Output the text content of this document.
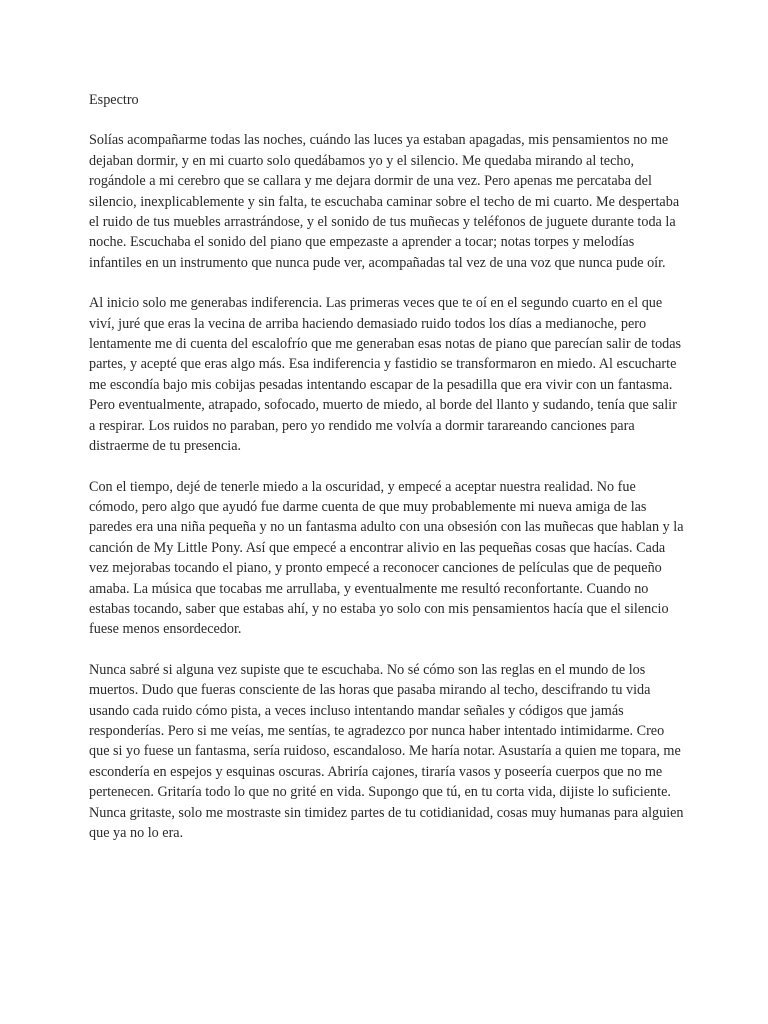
Espectro

Solías acompañarme todas las noches, cuándo las luces ya estaban apagadas, mis pensamientos no me dejaban dormir, y en mi cuarto solo quedábamos yo y el silencio. Me quedaba mirando al techo, rogándole a mi cerebro que se callara y me dejara dormir de una vez. Pero apenas me percataba del silencio, inexplicablemente y sin falta, te escuchaba caminar sobre el techo de mi cuarto. Me despertaba el ruido de tus muebles arrastrándose, y el sonido de tus muñecas y teléfonos de juguete durante toda la noche. Escuchaba el sonido del piano que empezaste a aprender a tocar; notas torpes y melodías infantiles en un instrumento que nunca pude ver, acompañadas tal vez de una voz que nunca pude oír.

Al inicio solo me generabas indiferencia. Las primeras veces que te oí en el segundo cuarto en el que viví, juré que eras la vecina de arriba haciendo demasiado ruido todos los días a medianoche, pero lentamente me di cuenta del escalofrío que me generaban esas notas de piano que parecían salir de todas partes, y acepté que eras algo más. Esa indiferencia y fastidio se transformaron en miedo. Al escucharte me escondía bajo mis cobijas pesadas intentando escapar de la pesadilla que era vivir con un fantasma. Pero eventualmente, atrapado, sofocado, muerto de miedo, al borde del llanto y sudando, tenía que salir a respirar. Los ruidos no paraban, pero yo rendido me volvía a dormir tarareando canciones para distraerme de tu presencia.

Con el tiempo, dejé de tenerle miedo a la oscuridad, y empecé a aceptar nuestra realidad. No fue cómodo, pero algo que ayudó fue darme cuenta de que muy probablemente mi nueva amiga de las paredes era una niña pequeña y no un fantasma adulto con una obsesión con las muñecas que hablan y la canción de My Little Pony. Así que empecé a encontrar alivio en las pequeñas cosas que hacías. Cada vez mejorabas tocando el piano, y pronto empecé a reconocer canciones de películas que de pequeño amaba. La música que tocabas me arrullaba, y eventualmente me resultó reconfortante. Cuando no estabas tocando, saber que estabas ahí, y no estaba yo solo con mis pensamientos hacía que el silencio fuese menos ensordecedor.

Nunca sabré si alguna vez supiste que te escuchaba. No sé cómo son las reglas en el mundo de los muertos. Dudo que fueras consciente de las horas que pasaba mirando al techo, descifrando tu vida usando cada ruido cómo pista, a veces incluso intentando mandar señales y códigos que jamás responderías. Pero si me veías, me sentías, te agradezco por nunca haber intentado intimidarme. Creo que si yo fuese un fantasma, sería ruidoso, escandaloso. Me haría notar. Asustaría a quien me topara, me escondería en espejos y esquinas oscuras. Abriría cajones, tiraría vasos y poseería cuerpos que no me pertenecen. Gritaría todo lo que no grité en vida. Supongo que tú, en tu corta vida, dijiste lo suficiente. Nunca gritaste, solo me mostraste sin timidez partes de tu cotidianidad, cosas muy humanas para alguien que ya no lo era.
